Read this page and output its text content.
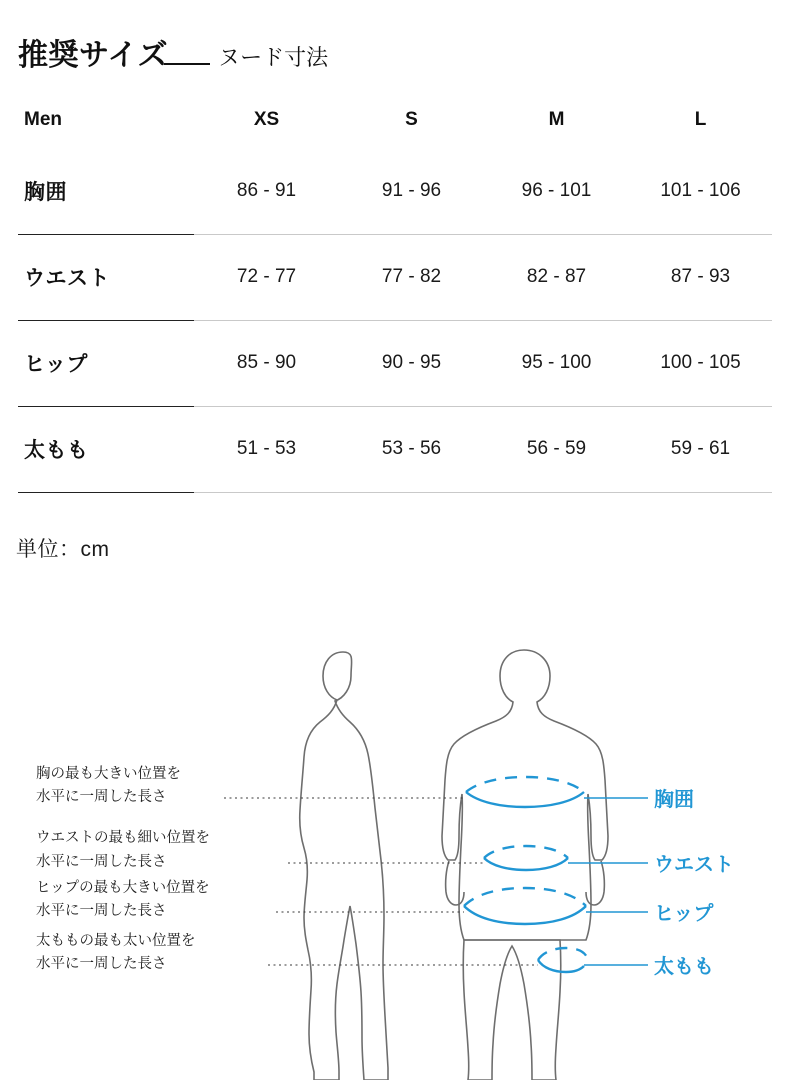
推奨サイズ ヌード寸法
Men	XS	S	M	L
胸囲	86 - 91	91 - 96	96 - 101	101 - 106
ウエスト	72 - 77	77 - 82	82 - 87	87 - 93
ヒップ	85 - 90	90 - 95	95 - 100	100 - 105
太もも	51 - 53	53 - 56	56 - 59	59 - 61
単位：cm
胸の最も大きい位置を
水平に一周した長さ
ウエストの最も細い位置を
水平に一周した長さ
ヒップの最も大きい位置を
水平に一周した長さ
太ももの最も太い位置を
水平に一周した長さ
胸囲
ウエスト
ヒップ
太もも
